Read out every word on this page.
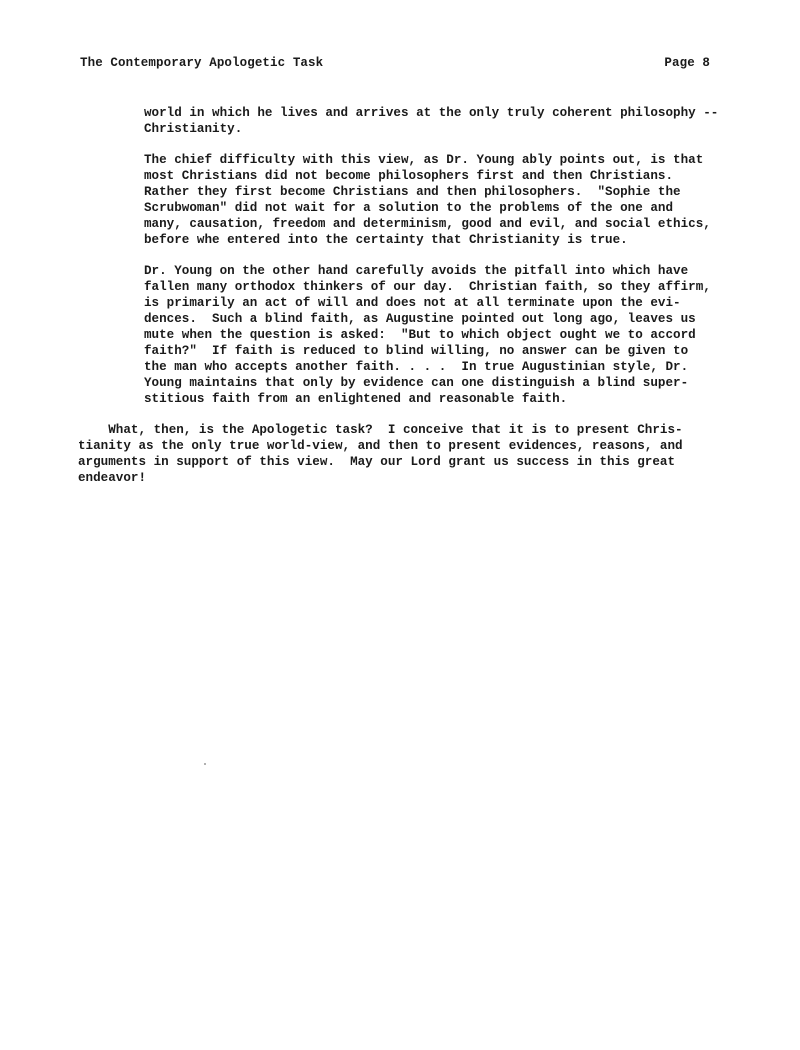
The Contemporary Apologetic Task	Page 8
world in which he lives and arrives at the only truly coherent philosophy --
Christianity.
The chief difficulty with this view, as Dr. Young ably points out, is that
most Christians did not become philosophers first and then Christians.
Rather they first become Christians and then philosophers.  "Sophie the
Scrubwoman" did not wait for a solution to the problems of the one and
many, causation, freedom and determinism, good and evil, and social ethics,
before whe entered into the certainty that Christianity is true.
Dr. Young on the other hand carefully avoids the pitfall into which have
fallen many orthodox thinkers of our day.  Christian faith, so they affirm,
is primarily an act of will and does not at all terminate upon the evi-
dences.  Such a blind faith, as Augustine pointed out long ago, leaves us
mute when the question is asked:  "But to which object ought we to accord
faith?"  If faith is reduced to blind willing, no answer can be given to
the man who accepts another faith. . . .  In true Augustinian style, Dr.
Young maintains that only by evidence can one distinguish a blind super-
stitious faith from an enlightened and reasonable faith.
What, then, is the Apologetic task?  I conceive that it is to present Chris-
tianity as the only true world-view, and then to present evidences, reasons, and
arguments in support of this view.  May our Lord grant us success in this great
endeavor!
